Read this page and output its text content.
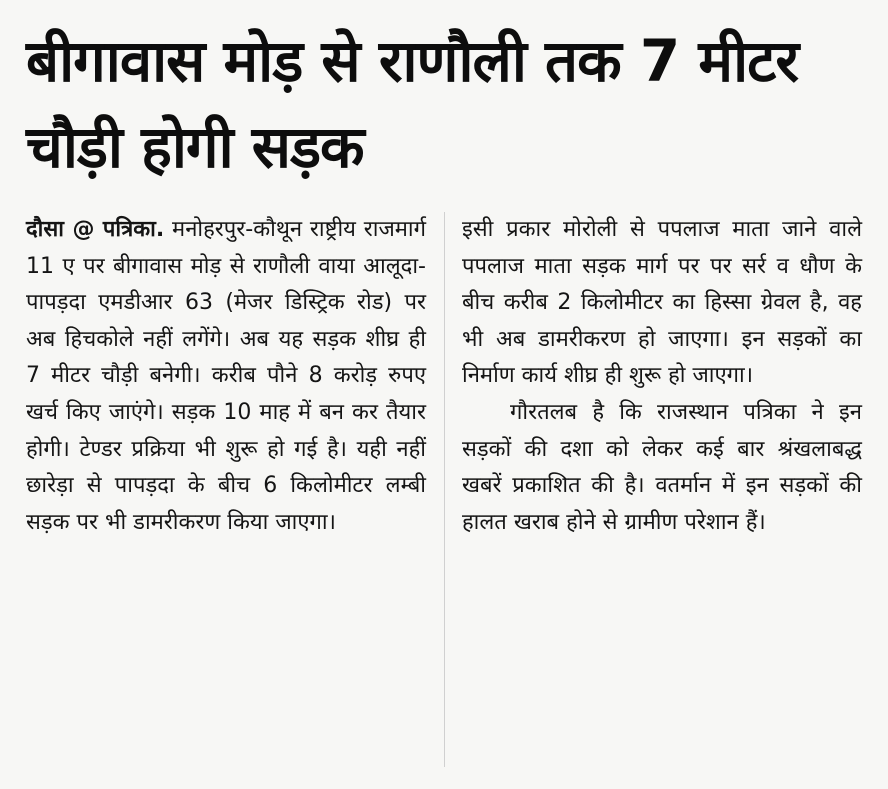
बीगावास मोड़ से राणौली तक 7 मीटर चौड़ी होगी सड़क

दौसा @ पत्रिका. मनोहरपुर-कौथून राष्ट्रीय राजमार्ग 11 ए पर बीगावास मोड़ से राणौली वाया आलूदा-पापड़दा एमडीआर 63 (मेजर डिस्ट्रिक रोड) पर अब हिचकोले नहीं लगेंगे। अब यह सड़क शीघ्र ही 7 मीटर चौड़ी बनेगी। करीब पौने 8 करोड़ रुपए खर्च किए जाएंगे। सड़क 10 माह में बन कर तैयार होगी। टेण्डर प्रक्रिया भी शुरू हो गई है। यही नहीं छारेड़ा से पापड़दा के बीच 6 किलोमीटर लम्बी सड़क पर भी डामरीकरण किया जाएगा।

इसी प्रकार मोरोली से पपलाज माता जाने वाले पपलाज माता सड़क मार्ग पर पर सर्र व धौण के बीच करीब 2 किलोमीटर का हिस्सा ग्रेवल है, वह भी अब डामरीकरण हो जाएगा। इन सड़कों का निर्माण कार्य शीघ्र ही शुरू हो जाएगा।

गौरतलब है कि राजस्थान पत्रिका ने इन सड़कों की दशा को लेकर कई बार श्रंखलाबद्ध खबरें प्रकाशित की है। वतर्मान में इन सड़कों की हालत खराब होने से ग्रामीण परेशान हैं।
